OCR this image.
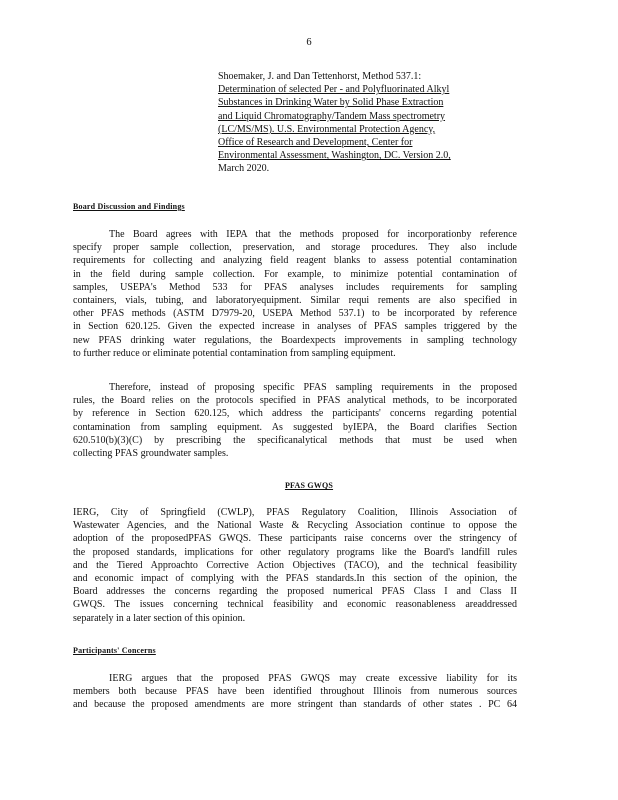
6
Shoemaker, J. and Dan Tettenhorst, Method 537.1:
Determination of selected Per - and Polyfluorinated Alkyl
Substances in Drinking Water by Solid Phase Extraction
and Liquid Chromatography/Tandem Mass spectrometry
(LC/MS/MS). U.S. Environmental Protection Agency,
Office of Research and Development, Center for
Environmental Assessment, Washington, DC. Version 2.0,
March 2020.
Board Discussion and Findings
The Board agrees with IEPA that the methods proposed for incorporationby reference
specify proper sample collection, preservation, and storage procedures. They also include
requirements for collecting and analyzing field reagent blanks to assess potential contamination
in the field during sample collection. For example, to minimize potential contamination of
samples, USEPA's Method 533 for PFAS analyses includes requirements for sampling
containers, vials, tubing, and laboratoryequipment. Similar requi rements are also specified in
other PFAS methods (ASTM D7979-20, USEPA Method 537.1) to be incorporated by reference
in Section 620.125. Given the expected increase in analyses of PFAS samples triggered by the
new PFAS drinking water regulations, the Boardexpects improvements in sampling technology
to further reduce or eliminate potential contamination from sampling equipment.
Therefore, instead of proposing specific PFAS sampling requirements in the proposed
rules, the Board relies on the protocols specified in PFAS analytical methods, to be incorporated
by reference in Section 620.125, which address the participants' concerns regarding potential
contamination from sampling equipment. As suggested byIEPA, the Board clarifies Section
620.510(b)(3)(C) by prescribing the specificanalytical methods that must be used when
collecting PFAS groundwater samples.
PFAS GWQS
IERG, City of Springfield (CWLP), PFAS Regulatory Coalition, Illinois Association of
Wastewater Agencies, and the National Waste & Recycling Association continue to oppose the
adoption of the proposedPFAS GWQS. These participants raise concerns over the stringency of
the proposed standards, implications for other regulatory programs like the Board's landfill rules
and the Tiered Approachto Corrective Action Objectives (TACO), and the technical feasibility
and economic impact of complying with the PFAS standards.In this section of the opinion, the
Board addresses the concerns regarding the proposed numerical PFAS Class I and Class II
GWQS. The issues concerning technical feasibility and economic reasonableness areaddressed
separately in a later section of this opinion.
Participants' Concerns
IERG argues that the proposed PFAS GWQS may create excessive liability for its
members both because PFAS have been identified throughout Illinois from numerous sources
and because the proposed amendments are more stringent than standards of other states . PC 64
